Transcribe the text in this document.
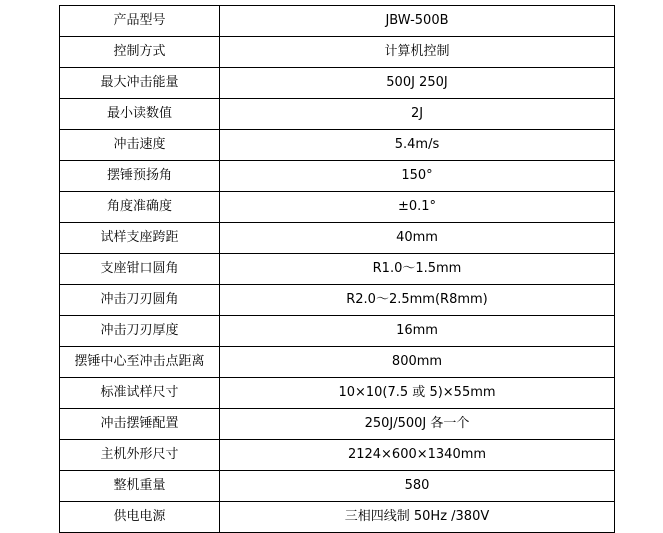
产品型号	JBW-500B
控制方式	计算机控制
最大冲击能量	500J 250J
最小读数值	2J
冲击速度	5.4m/s
摆锤预扬角	150°
角度准确度	±0.1°
试样支座跨距	40mm
支座钳口圆角	R1.0～1.5mm
冲击刀刃圆角	R2.0～2.5mm(R8mm)
冲击刀刃厚度	16mm
摆锤中心至冲击点距离	800mm
标准试样尺寸	10×10(7.5 或 5)×55mm
冲击摆锤配置	250J/500J 各一个
主机外形尺寸	2124×600×1340mm
整机重量	580
供电电源	三相四线制 50Hz /380V
